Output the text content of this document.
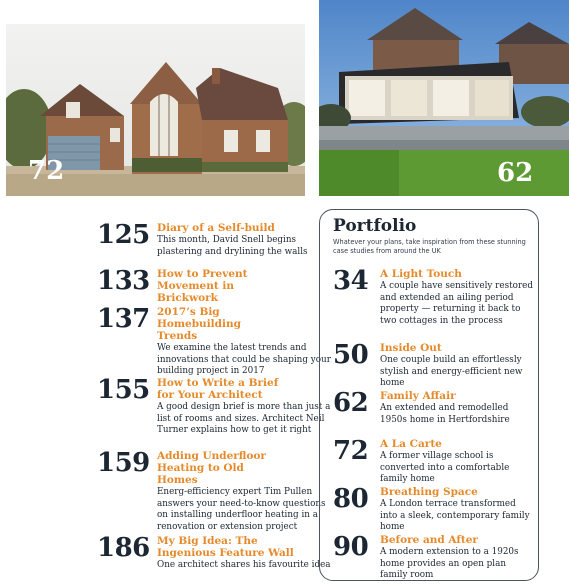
72	62
125 Diary of a Self-build
This month, David Snell begins plastering and drylining the walls
133 How to Prevent Movement in Brickwork
137 2017’s Big Homebuilding Trends
We examine the latest trends and innovations that could be shaping your building project in 2017
155 How to Write a Brief for Your Architect
A good design brief is more than just a list of rooms and sizes. Architect Neil Turner explains how to get it right
159 Adding Underfloor Heating to Old Homes
Energ-efficiency expert Tim Pullen answers your need-to-know questions on installing underfloor heating in a renovation or extension project
186 My Big Idea: The Ingenious Feature Wall
One architect shares his favourite idea
Portfolio
Whatever your plans, take inspiration from these stunning case studies from around the UK
34 A Light Touch
A couple have sensitively restored and extended an ailing period property — returning it back to two cottages in the process
50 Inside Out
One couple build an effortlessly stylish and energy-efficient new home
62 Family Affair
An extended and remodelled 1950s home in Hertfordshire
72 A La Carte
A former village school is converted into a comfortable family home
80 Breathing Space
A London terrace transformed into a sleek, contemporary family home
90 Before and After
A modern extension to a 1920s home provides an open plan family room
